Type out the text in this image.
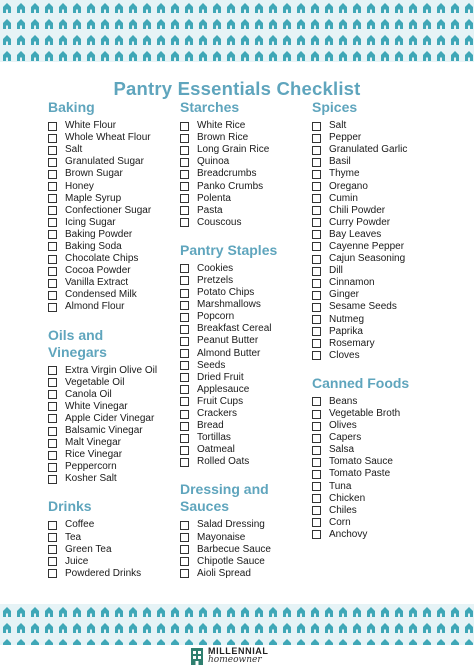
Pantry Essentials Checklist
Baking
White Flour
Whole Wheat Flour
Salt
Granulated Sugar
Brown Sugar
Honey
Maple Syrup
Confectioner Sugar
Icing Sugar
Baking Powder
Baking Soda
Chocolate Chips
Cocoa Powder
Vanilla Extract
Condensed Milk
Almond Flour
Oils and
Vinegars
Extra Virgin Olive Oil
Vegetable Oil
Canola Oil
White Vinegar
Apple Cider Vinegar
Balsamic Vinegar
Malt Vinegar
Rice Vinegar
Peppercorn
Kosher Salt
Drinks
Coffee
Tea
Green Tea
Juice
Powdered Drinks
Starches
White Rice
Brown Rice
Long Grain Rice
Quinoa
Breadcrumbs
Panko Crumbs
Polenta
Pasta
Couscous
Pantry Staples
Cookies
Pretzels
Potato Chips
Marshmallows
Popcorn
Breakfast Cereal
Peanut Butter
Almond Butter
Seeds
Dried Fruit
Applesauce
Fruit Cups
Crackers
Bread
Tortillas
Oatmeal
Rolled Oats
Dressing and
Sauces
Salad Dressing
Mayonaise
Barbecue Sauce
Chipotle Sauce
Aioli Spread
Spices
Salt
Pepper
Granulated Garlic
Basil
Thyme
Oregano
Cumin
Chili Powder
Curry Powder
Bay Leaves
Cayenne Pepper
Cajun Seasoning
Dill
Cinnamon
Ginger
Sesame Seeds
Nutmeg
Paprika
Rosemary
Cloves
Canned Foods
Beans
Vegetable Broth
Olives
Capers
Salsa
Tomato Sauce
Tomato Paste
Tuna
Chicken
Chiles
Corn
Anchovy
MILLENNIAL
homeowner
